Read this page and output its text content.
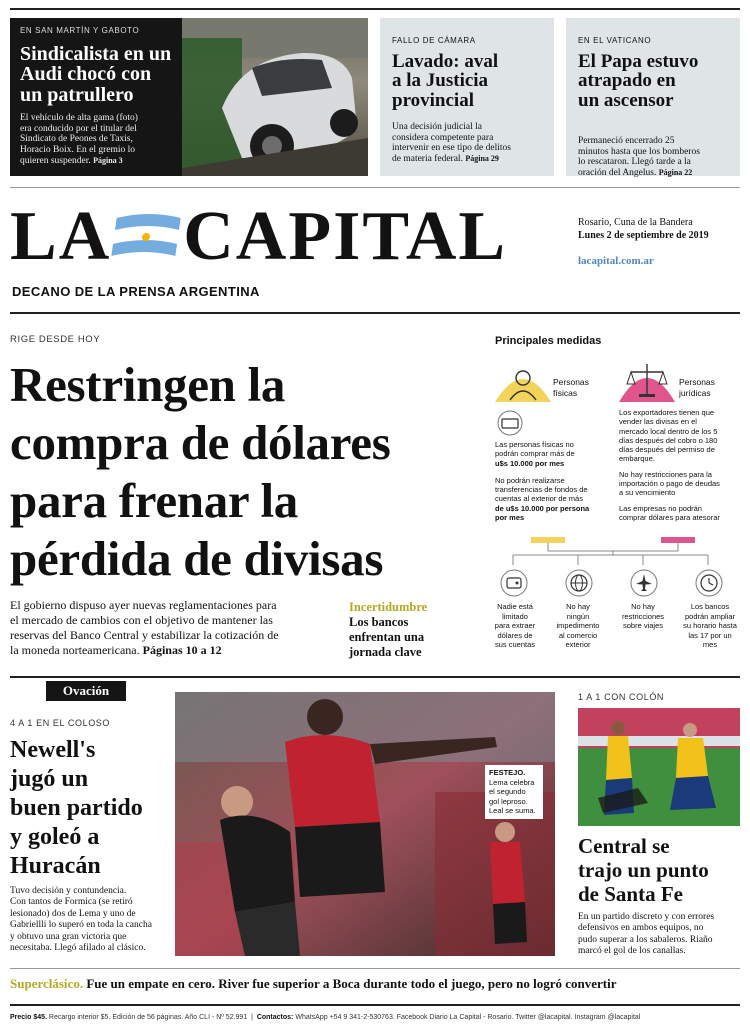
EN SAN MARTÍN Y GABOTO
Sindicalista en un
Audi chocó con
un patrullero
El vehículo de alta gama (foto)
era conducido por el titular del
Sindicato de Peones de Taxis,
Horacio Boix. En el gremio lo
quieren suspender. Página 3
FALLO DE CÁMARA
Lavado: aval
a la Justicia
provincial
Una decisión judicial la
considera competente para
intervenir en ese tipo de delitos
de materia federal. Página 29
EN EL VATICANO
El Papa estuvo
atrapado en
un ascensor
Permaneció encerrado 25
minutos hasta que los bomberos
lo rescataron. Llegó tarde a la
oración del Angelus. Página 22
LA CAPITAL	Rosario, Cuna de la Bandera
Lunes 2 de septiembre de 2019
lacapital.com.ar
DECANO DE LA PRENSA ARGENTINA
RIGE DESDE HOY
Restringen la
compra de dólares
para frenar la
pérdida de divisas
El gobierno dispuso ayer nuevas reglamentaciones para
el mercado de cambios con el objetivo de mantener las
reservas del Banco Central y estabilizar la cotización de
la moneda norteamericana. Páginas 10 a 12
Incertidumbre
Los bancos
enfrentan una
jornada clave
Principales medidas
Personas
físicas
Las personas físicas no
podrán comprar más de
u$s 10.000 por mes
No podrán realizarse
transferencias de fondos de
cuentas al exterior de más
de u$s 10.000 por persona
por mes
Personas
jurídicas
Los exportadores tienen que
vender las divisas en el
mercado local dentro de los 5
días después del cobro o 180
días después del permiso de
embarque.
No hay restricciones para la
importación o pago de deudas
a su vencimiento
Las empresas no podrán
comprar dólares para atesorar
Nadie está
limitado
para extraer
dólares de
sus cuentas
No hay
ningún
impedimento
al comercio
exterior
No hay
restricciones
sobre viajes
Los bancos
podrán ampliar
su horario hasta
las 17 por un
mes
Ovación
4 A 1 EN EL COLOSO
Newell's
jugó un
buen partido
y goleó a
Huracán
Tuvo decisión y contundencia.
Con tantos de Formica (se retiró
lesionado) dos de Lema y uno de
Gabriellli lo superó en toda la cancha
y obtuvo una gran victoria que
necesitaba. Llegó afilado al clásico.
FESTEJO.
Lema celebra
el segundo
gol leproso.
Leal se suma.
1 A 1 CON COLÓN
Central se
trajo un punto
de Santa Fe
En un partido discreto y con errores
defensivos en ambos equipos, no
pudo superar a los sabaleros. Riaño
marcó el gol de los canallas.
Superclásico. Fue un empate en cero. River fue superior a Boca durante todo el juego, pero no logró convertir
Precio $45. Recargo interior $5. Edición de 56 páginas. Año CLI - Nº 52.991  |  Contactos: WhatsApp +54 9 341-2-530763. Facebook Diario La Capital - Rosario. Twitter @lacapital. Instagram @lacapital
